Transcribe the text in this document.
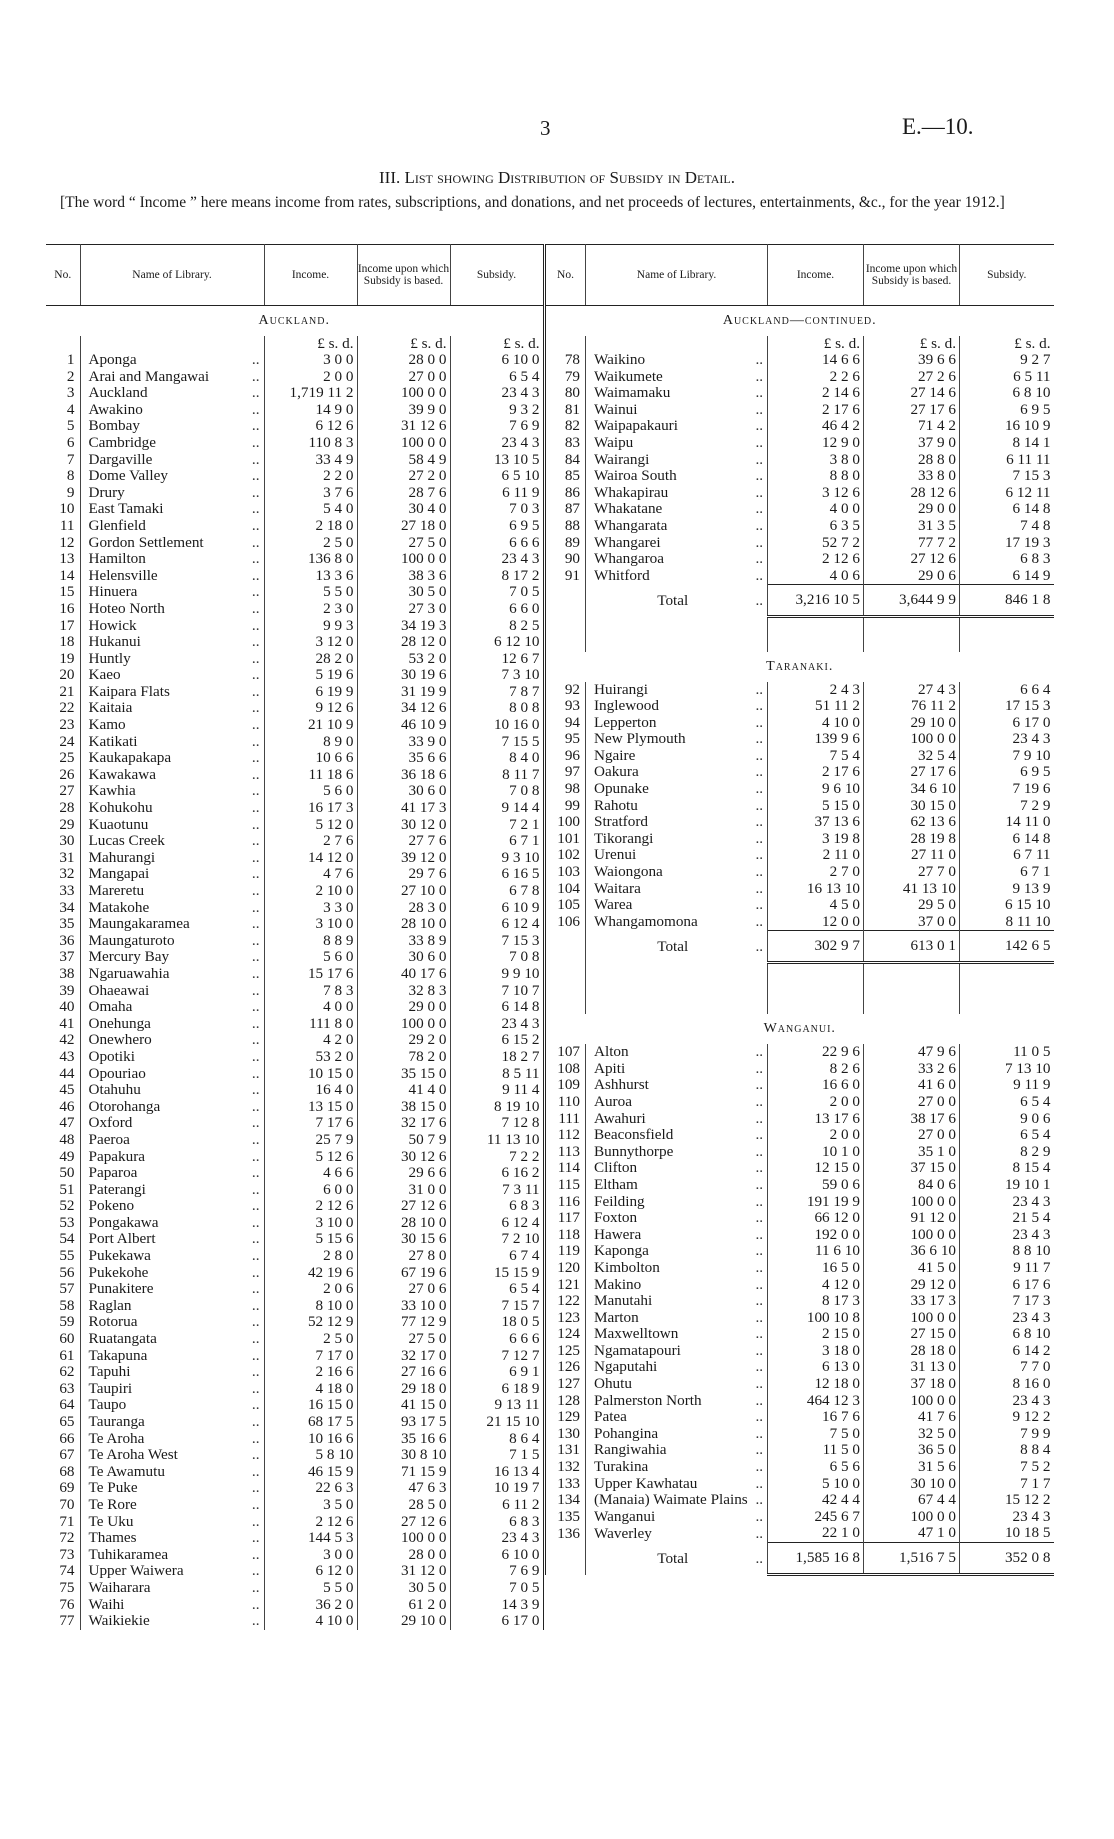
3	E.—10.
III. List showing Distribution of Subsidy in Detail.
[The word “ Income ” here means income from rates, subscriptions, and donations, and net proceeds of lectures, entertainments, &c., for the year 1912.]
No.	Name of Library.		Income.	Income upon which Subsidy is based.	Subsidy.
Auckland.					
			£ s. d.	£ s. d.	£ s. d.
1	Aponga	..	3 0 0	28 0 0	6 10 0
2	Arai and Mangawai	..	2 0 0	27 0 0	6 5 4
3	Auckland	..	1,719 11 2	100 0 0	23 4 3
4	Awakino	..	14 9 0	39 9 0	9 3 2
5	Bombay	..	6 12 6	31 12 6	7 6 9
6	Cambridge	..	110 8 3	100 0 0	23 4 3
7	Dargaville	..	33 4 9	58 4 9	13 10 5
8	Dome Valley	..	2 2 0	27 2 0	6 5 10
9	Drury	..	3 7 6	28 7 6	6 11 9
10	East Tamaki	..	5 4 0	30 4 0	7 0 3
11	Glenfield	..	2 18 0	27 18 0	6 9 5
12	Gordon Settlement	..	2 5 0	27 5 0	6 6 6
13	Hamilton	..	136 8 0	100 0 0	23 4 3
14	Helensville	..	13 3 6	38 3 6	8 17 2
15	Hinuera	..	5 5 0	30 5 0	7 0 5
16	Hoteo North	..	2 3 0	27 3 0	6 6 0
17	Howick	..	9 9 3	34 19 3	8 2 5
18	Hukanui	..	3 12 0	28 12 0	6 12 10
19	Huntly	..	28 2 0	53 2 0	12 6 7
20	Kaeo	..	5 19 6	30 19 6	7 3 10
21	Kaipara Flats	..	6 19 9	31 19 9	7 8 7
22	Kaitaia	..	9 12 6	34 12 6	8 0 8
23	Kamo	..	21 10 9	46 10 9	10 16 0
24	Katikati	..	8 9 0	33 9 0	7 15 5
25	Kaukapakapa	..	10 6 6	35 6 6	8 4 0
26	Kawakawa	..	11 18 6	36 18 6	8 11 7
27	Kawhia	..	5 6 0	30 6 0	7 0 8
28	Kohukohu	..	16 17 3	41 17 3	9 14 4
29	Kuaotunu	..	5 12 0	30 12 0	7 2 1
30	Lucas Creek	..	2 7 6	27 7 6	6 7 1
31	Mahurangi	..	14 12 0	39 12 0	9 3 10
32	Mangapai	..	4 7 6	29 7 6	6 16 5
33	Mareretu	..	2 10 0	27 10 0	6 7 8
34	Matakohe	..	3 3 0	28 3 0	6 10 9
35	Maungakaramea	..	3 10 0	28 10 0	6 12 4
36	Maungaturoto	..	8 8 9	33 8 9	7 15 3
37	Mercury Bay	..	5 6 0	30 6 0	7 0 8
38	Ngaruawahia	..	15 17 6	40 17 6	9 9 10
39	Ohaeawai	..	7 8 3	32 8 3	7 10 7
40	Omaha	..	4 0 0	29 0 0	6 14 8
41	Onehunga	..	111 8 0	100 0 0	23 4 3
42	Onewhero	..	4 2 0	29 2 0	6 15 2
43	Opotiki	..	53 2 0	78 2 0	18 2 7
44	Opouriao	..	10 15 0	35 15 0	8 5 11
45	Otahuhu	..	16 4 0	41 4 0	9 11 4
46	Otorohanga	..	13 15 0	38 15 0	8 19 10
47	Oxford	..	7 17 6	32 17 6	7 12 8
48	Paeroa	..	25 7 9	50 7 9	11 13 10
49	Papakura	..	5 12 6	30 12 6	7 2 2
50	Paparoa	..	4 6 6	29 6 6	6 16 2
51	Paterangi	..	6 0 0	31 0 0	7 3 11
52	Pokeno	..	2 12 6	27 12 6	6 8 3
53	Pongakawa	..	3 10 0	28 10 0	6 12 4
54	Port Albert	..	5 15 6	30 15 6	7 2 10
55	Pukekawa	..	2 8 0	27 8 0	6 7 4
56	Pukekohe	..	42 19 6	67 19 6	15 15 9
57	Punakitere	..	2 0 6	27 0 6	6 5 4
58	Raglan	..	8 10 0	33 10 0	7 15 7
59	Rotorua	..	52 12 9	77 12 9	18 0 5
60	Ruatangata	..	2 5 0	27 5 0	6 6 6
61	Takapuna	..	7 17 0	32 17 0	7 12 7
62	Tapuhi	..	2 16 6	27 16 6	6 9 1
63	Taupiri	..	4 18 0	29 18 0	6 18 9
64	Taupo	..	16 15 0	41 15 0	9 13 11
65	Tauranga	..	68 17 5	93 17 5	21 15 10
66	Te Aroha	..	10 16 6	35 16 6	8 6 4
67	Te Aroha West	..	5 8 10	30 8 10	7 1 5
68	Te Awamutu	..	46 15 9	71 15 9	16 13 4
69	Te Puke	..	22 6 3	47 6 3	10 19 7
70	Te Rore	..	3 5 0	28 5 0	6 11 2
71	Te Uku	..	2 12 6	27 12 6	6 8 3
72	Thames	..	144 5 3	100 0 0	23 4 3
73	Tuhikaramea	..	3 0 0	28 0 0	6 10 0
74	Upper Waiwera	..	6 12 0	31 12 0	7 6 9
75	Waiharara	..	5 5 0	30 5 0	7 0 5
76	Waihi	..	36 2 0	61 2 0	14 3 9
77	Waikiekie	..	4 10 0	29 10 0	6 17 0
No.	Name of Library.		Income.	Income upon which Subsidy is based.	Subsidy.
Auckland—continued.					
			£ s. d.	£ s. d.	£ s. d.
78	Waikino	..	14 6 6	39 6 6	9 2 7
79	Waikumete	..	2 2 6	27 2 6	6 5 11
80	Waimamaku	..	2 14 6	27 14 6	6 8 10
81	Wainui	..	2 17 6	27 17 6	6 9 5
82	Waipapakauri	..	46 4 2	71 4 2	16 10 9
83	Waipu	..	12 9 0	37 9 0	8 14 1
84	Wairangi	..	3 8 0	28 8 0	6 11 11
85	Wairoa South	..	8 8 0	33 8 0	7 15 3
86	Whakapirau	..	3 12 6	28 12 6	6 12 11
87	Whakatane	..	4 0 0	29 0 0	6 14 8
88	Whangarata	..	6 3 5	31 3 5	7 4 8
89	Whangarei	..	52 7 2	77 7 2	17 19 3
90	Whangaroa	..	2 12 6	27 12 6	6 8 3
91	Whitford	..	4 0 6	29 0 6	6 14 9
	Total	..	3,216 10 5	3,644 9 9	846 1 8

Taranaki.					
92	Huirangi	..	2 4 3	27 4 3	6 6 4
93	Inglewood	..	51 11 2	76 11 2	17 15 3
94	Lepperton	..	4 10 0	29 10 0	6 17 0
95	New Plymouth	..	139 9 6	100 0 0	23 4 3
96	Ngaire	..	7 5 4	32 5 4	7 9 10
97	Oakura	..	2 17 6	27 17 6	6 9 5
98	Opunake	..	9 6 10	34 6 10	7 19 6
99	Rahotu	..	5 15 0	30 15 0	7 2 9
100	Stratford	..	37 13 6	62 13 6	14 11 0
101	Tikorangi	..	3 19 8	28 19 8	6 14 8
102	Urenui	..	2 11 0	27 11 0	6 7 11
103	Waiongona	..	2 7 0	27 7 0	6 7 1
104	Waitara	..	16 13 10	41 13 10	9 13 9
105	Warea	..	4 5 0	29 5 0	6 15 10
106	Whangamomona	..	12 0 0	37 0 0	8 11 10
	Total	..	302 9 7	613 0 1	142 6 5

Wanganui.					
107	Alton	..	22 9 6	47 9 6	11 0 5
108	Apiti	..	8 2 6	33 2 6	7 13 10
109	Ashhurst	..	16 6 0	41 6 0	9 11 9
110	Auroa	..	2 0 0	27 0 0	6 5 4
111	Awahuri	..	13 17 6	38 17 6	9 0 6
112	Beaconsfield	..	2 0 0	27 0 0	6 5 4
113	Bunnythorpe	..	10 1 0	35 1 0	8 2 9
114	Clifton	..	12 15 0	37 15 0	8 15 4
115	Eltham	..	59 0 6	84 0 6	19 10 1
116	Feilding	..	191 19 9	100 0 0	23 4 3
117	Foxton	..	66 12 0	91 12 0	21 5 4
118	Hawera	..	192 0 0	100 0 0	23 4 3
119	Kaponga	..	11 6 10	36 6 10	8 8 10
120	Kimbolton	..	16 5 0	41 5 0	9 11 7
121	Makino	..	4 12 0	29 12 0	6 17 6
122	Manutahi	..	8 17 3	33 17 3	7 17 3
123	Marton	..	100 10 8	100 0 0	23 4 3
124	Maxwelltown	..	2 15 0	27 15 0	6 8 10
125	Ngamatapouri	..	3 18 0	28 18 0	6 14 2
126	Ngaputahi	..	6 13 0	31 13 0	7 7 0
127	Ohutu	..	12 18 0	37 18 0	8 16 0
128	Palmerston North	..	464 12 3	100 0 0	23 4 3
129	Patea	..	16 7 6	41 7 6	9 12 2
130	Pohangina	..	7 5 0	32 5 0	7 9 9
131	Rangiwahia	..	11 5 0	36 5 0	8 8 4
132	Turakina	..	6 5 6	31 5 6	7 5 2
133	Upper Kawhatau	..	5 10 0	30 10 0	7 1 7
134	(Manaia) Waimate Plains	..	42 4 4	67 4 4	15 12 2
135	Wanganui	..	245 6 7	100 0 0	23 4 3
136	Waverley	..	22 1 0	47 1 0	10 18 5
	Total	..	1,585 16 8	1,516 7 5	352 0 8
